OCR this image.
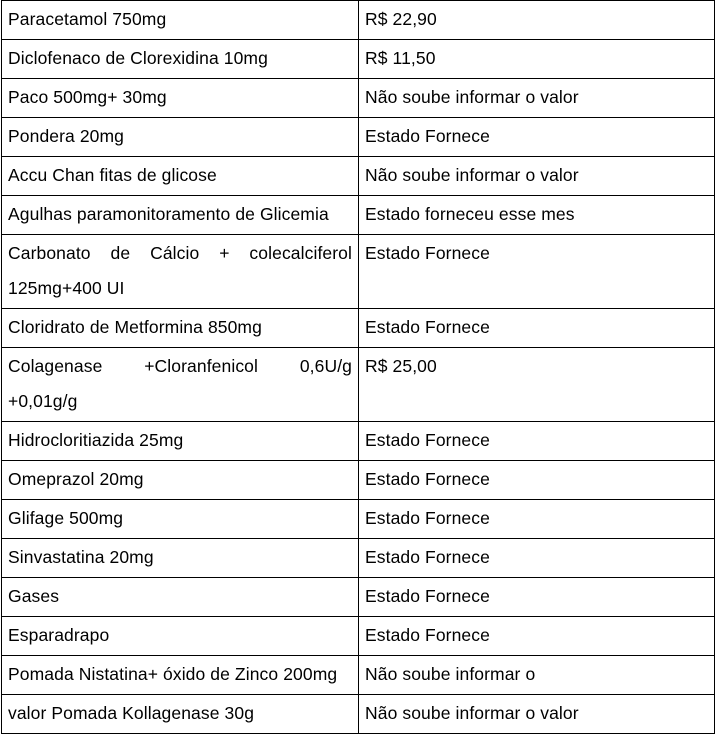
Paracetamol 750mg	R$ 22,90
Diclofenaco de Clorexidina 10mg	R$ 11,50
Paco 500mg+ 30mg	Não soube informar o valor
Pondera 20mg	Estado Fornece
Accu Chan fitas de glicose	Não soube informar o valor
Agulhas paramonitoramento de Glicemia	Estado forneceu esse mes
Carbonato de Cálcio + colecalciferol 125mg+400 UI	Estado Fornece
Cloridrato de Metformina 850mg	Estado Fornece
Colagenase +Cloranfenicol 0,6U/g +0,01g/g	R$ 25,00
Hidrocloritiazida 25mg	Estado Fornece
Omeprazol 20mg	Estado Fornece
Glifage 500mg	Estado Fornece
Sinvastatina 20mg	Estado Fornece
Gases	Estado Fornece
Esparadrapo	Estado Fornece
Pomada Nistatina+ óxido de Zinco 200mg	Não soube informar o
valor Pomada Kollagenase 30g	Não soube informar o valor
